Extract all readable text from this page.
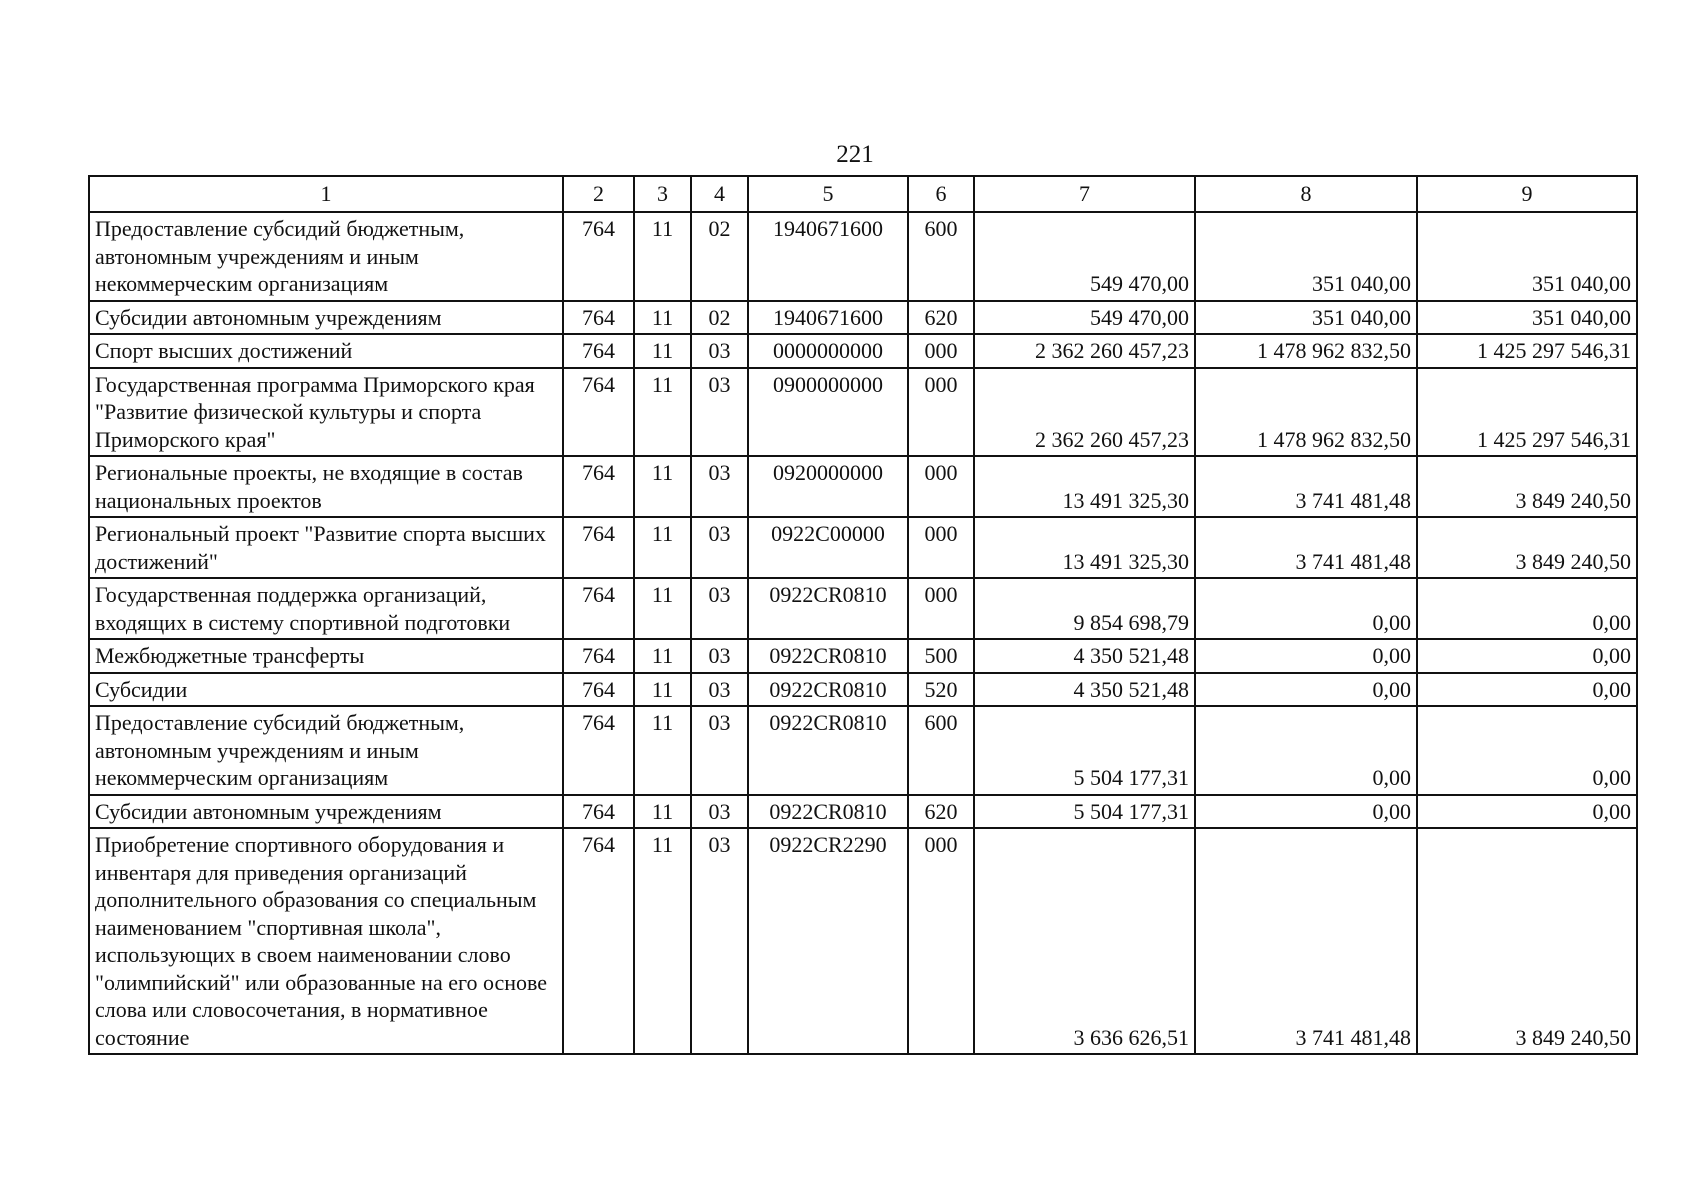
221
1	2	3	4	5	6	7	8	9
Предоставление субсидий бюджетным, автономным учреждениям и иным некоммерческим организациям	764	11	02	1940671600	600	549 470,00	351 040,00	351 040,00
Субсидии автономным учреждениям	764	11	02	1940671600	620	549 470,00	351 040,00	351 040,00
Спорт высших достижений	764	11	03	0000000000	000	2 362 260 457,23	1 478 962 832,50	1 425 297 546,31
Государственная программа Приморского края "Развитие физической культуры и спорта Приморского края"	764	11	03	0900000000	000	2 362 260 457,23	1 478 962 832,50	1 425 297 546,31
Региональные проекты, не входящие в состав национальных проектов	764	11	03	0920000000	000	13 491 325,30	3 741 481,48	3 849 240,50
Региональный проект "Развитие спорта высших достижений"	764	11	03	0922C00000	000	13 491 325,30	3 741 481,48	3 849 240,50
Государственная поддержка организаций, входящих в систему спортивной подготовки	764	11	03	0922CR0810	000	9 854 698,79	0,00	0,00
Межбюджетные трансферты	764	11	03	0922CR0810	500	4 350 521,48	0,00	0,00
Субсидии	764	11	03	0922CR0810	520	4 350 521,48	0,00	0,00
Предоставление субсидий бюджетным, автономным учреждениям и иным некоммерческим организациям	764	11	03	0922CR0810	600	5 504 177,31	0,00	0,00
Субсидии автономным учреждениям	764	11	03	0922CR0810	620	5 504 177,31	0,00	0,00
Приобретение спортивного оборудования и инвентаря для приведения организаций дополнительного образования со специальным наименованием "спортивная школа", использующих в своем наименовании слово "олимпийский" или образованные на его основе слова или словосочетания, в нормативное состояние	764	11	03	0922CR2290	000	3 636 626,51	3 741 481,48	3 849 240,50
